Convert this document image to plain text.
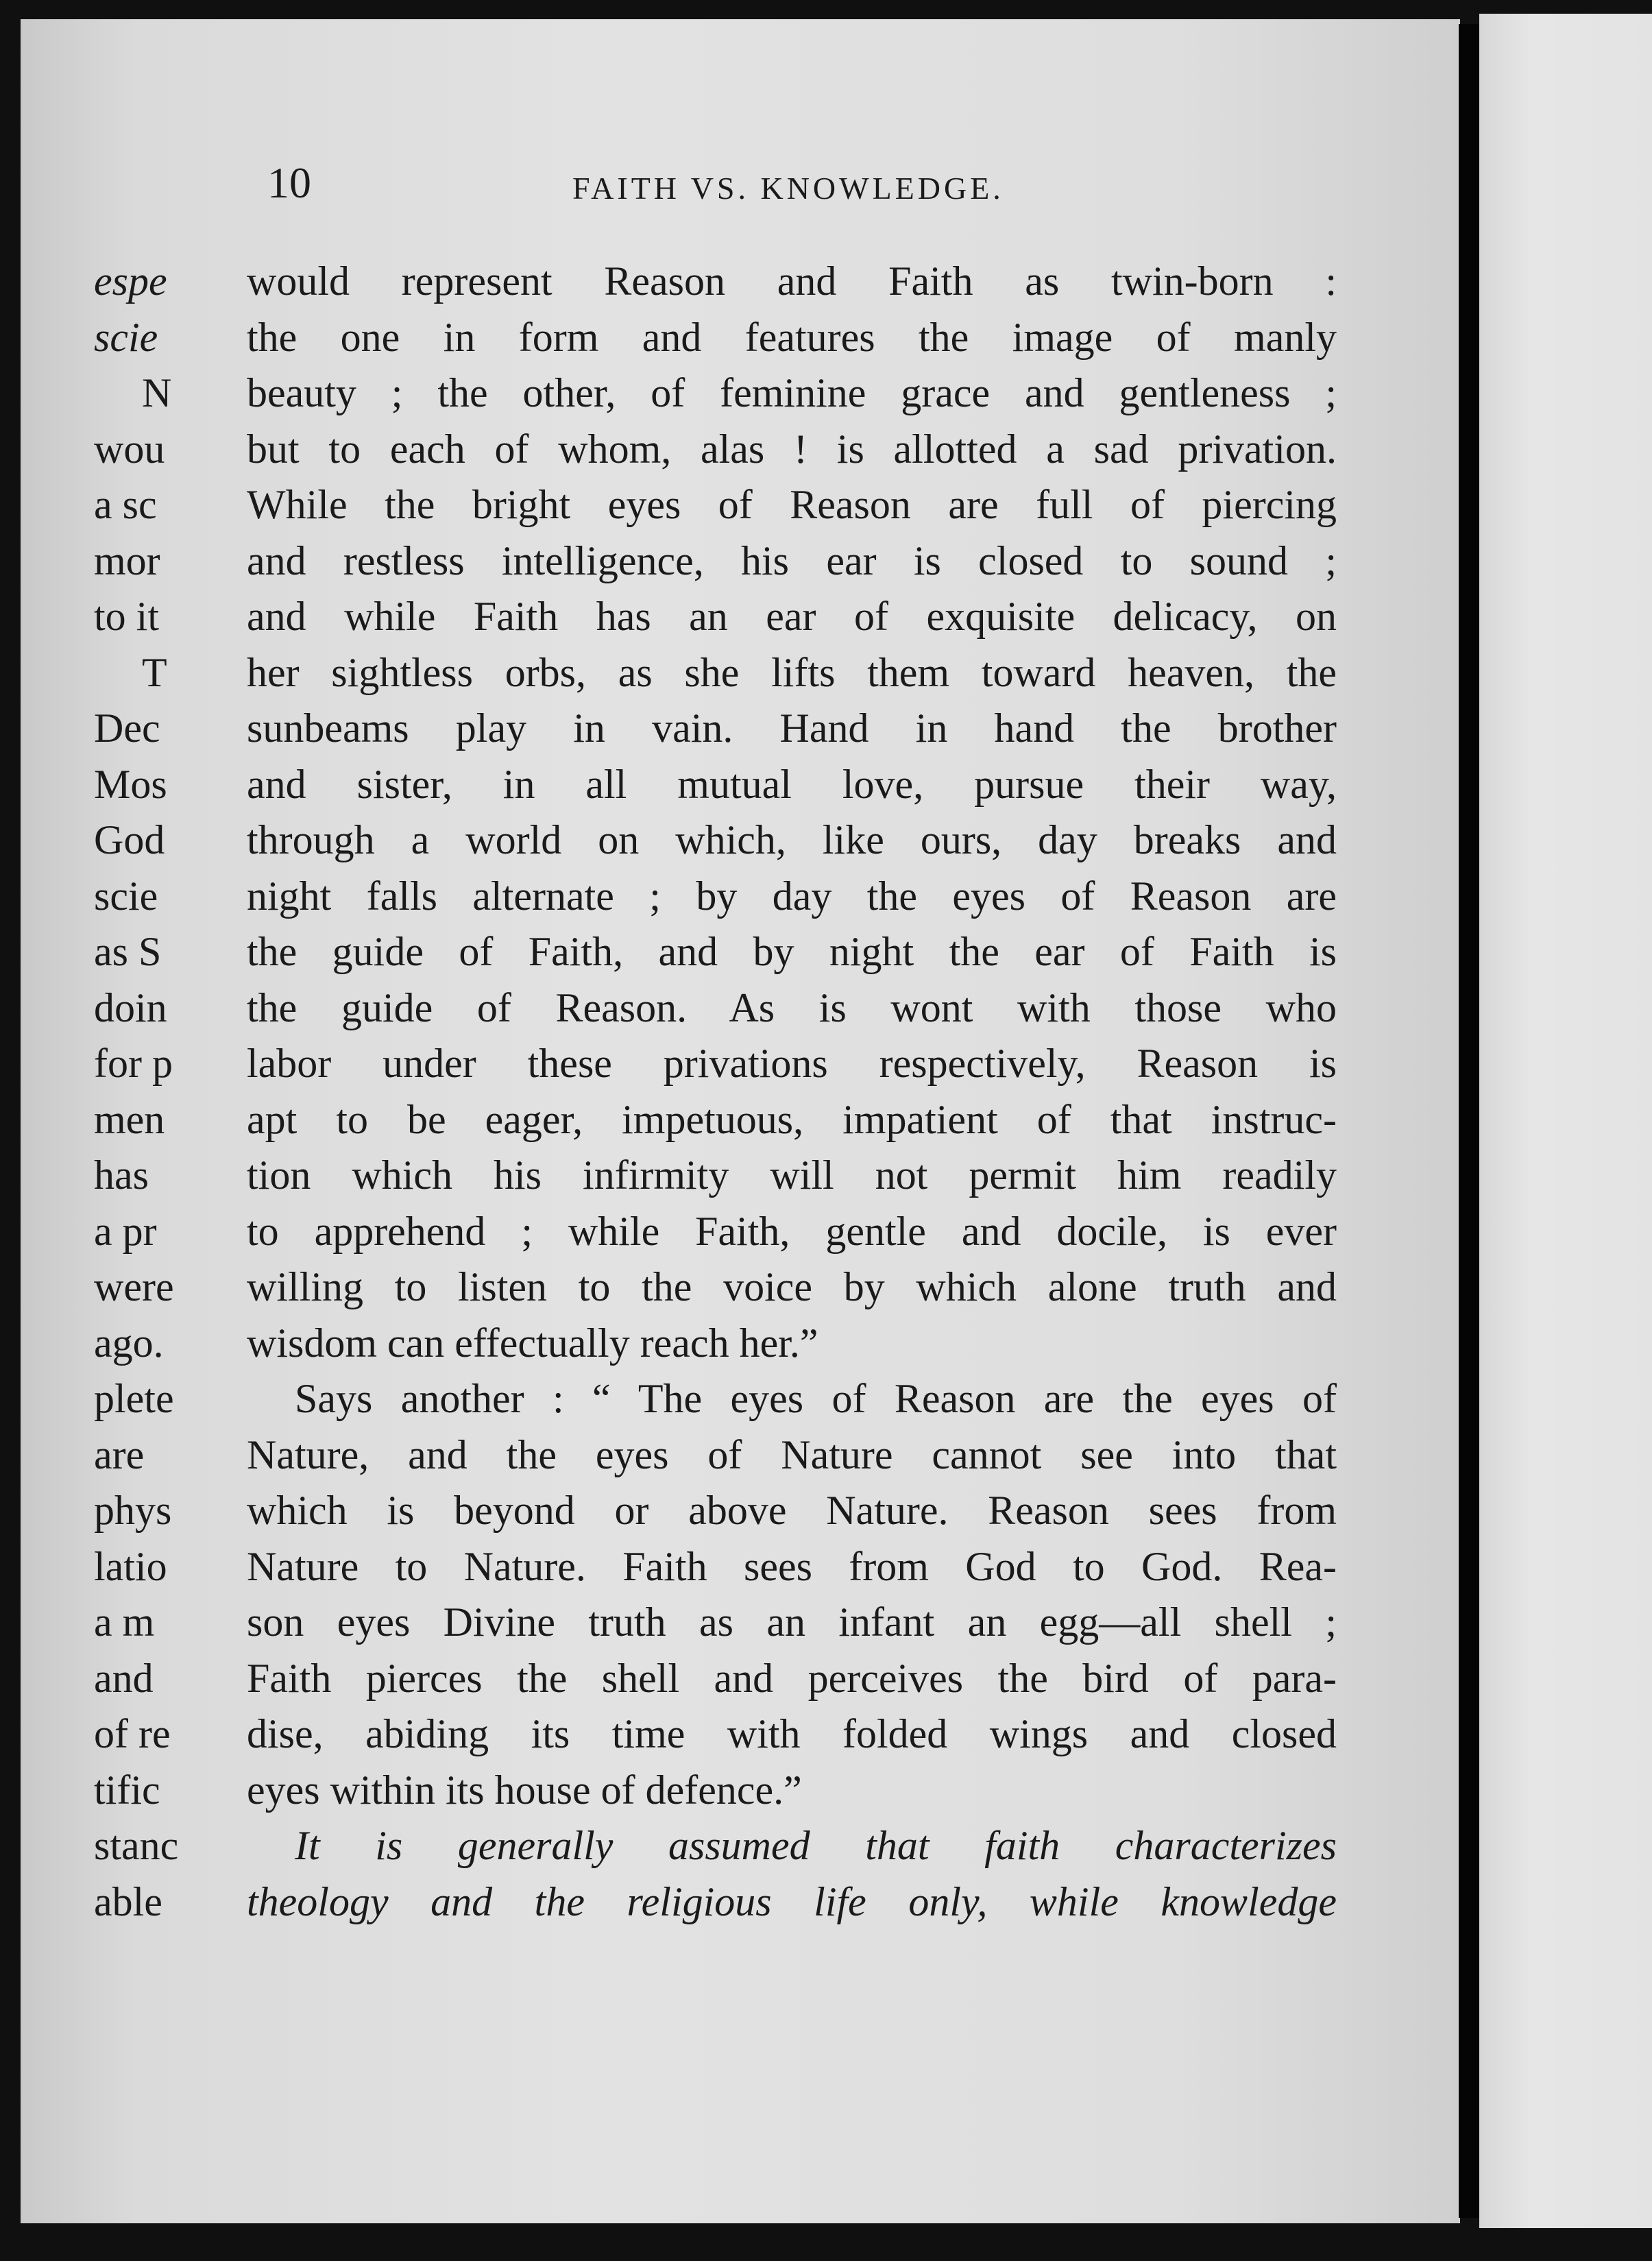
10	FAITH VS. KNOWLEDGE.
would represent Reason and Faith as twin-born :
the one in form and features the image of manly
beauty ; the other, of feminine grace and gentleness ;
but to each of whom, alas ! is allotted a sad privation.
While the bright eyes of Reason are full of piercing
and restless intelligence, his ear is closed to sound ;
and while Faith has an ear of exquisite delicacy, on
her sightless orbs, as she lifts them toward heaven, the
sunbeams play in vain. Hand in hand the brother
and sister, in all mutual love, pursue their way,
through a world on which, like ours, day breaks and
night falls alternate ; by day the eyes of Reason are
the guide of Faith, and by night the ear of Faith is
the guide of Reason. As is wont with those who
labor under these privations respectively, Reason is
apt to be eager, impetuous, impatient of that instruc-
tion which his infirmity will not permit him readily
to apprehend ; while Faith, gentle and docile, is ever
willing to listen to the voice by which alone truth and
wisdom can effectually reach her.”
Says another : “ The eyes of Reason are the eyes of
Nature, and the eyes of Nature cannot see into that
which is beyond or above Nature. Reason sees from
Nature to Nature. Faith sees from God to God. Rea-
son eyes Divine truth as an infant an egg—all shell ;
Faith pierces the shell and perceives the bird of para-
dise, abiding its time with folded wings and closed
eyes within its house of defence.”
It is generally assumed that faith characterizes
theology and the religious life only, while knowledge
espe
scie
N
wou
a sc
mor
to it
T
Dec
Mos
God
scie
as S
doin
for p
men
has
a pr
were
ago.
plete
are
phys
latio
a m
and
of re
tific
stanc
able
